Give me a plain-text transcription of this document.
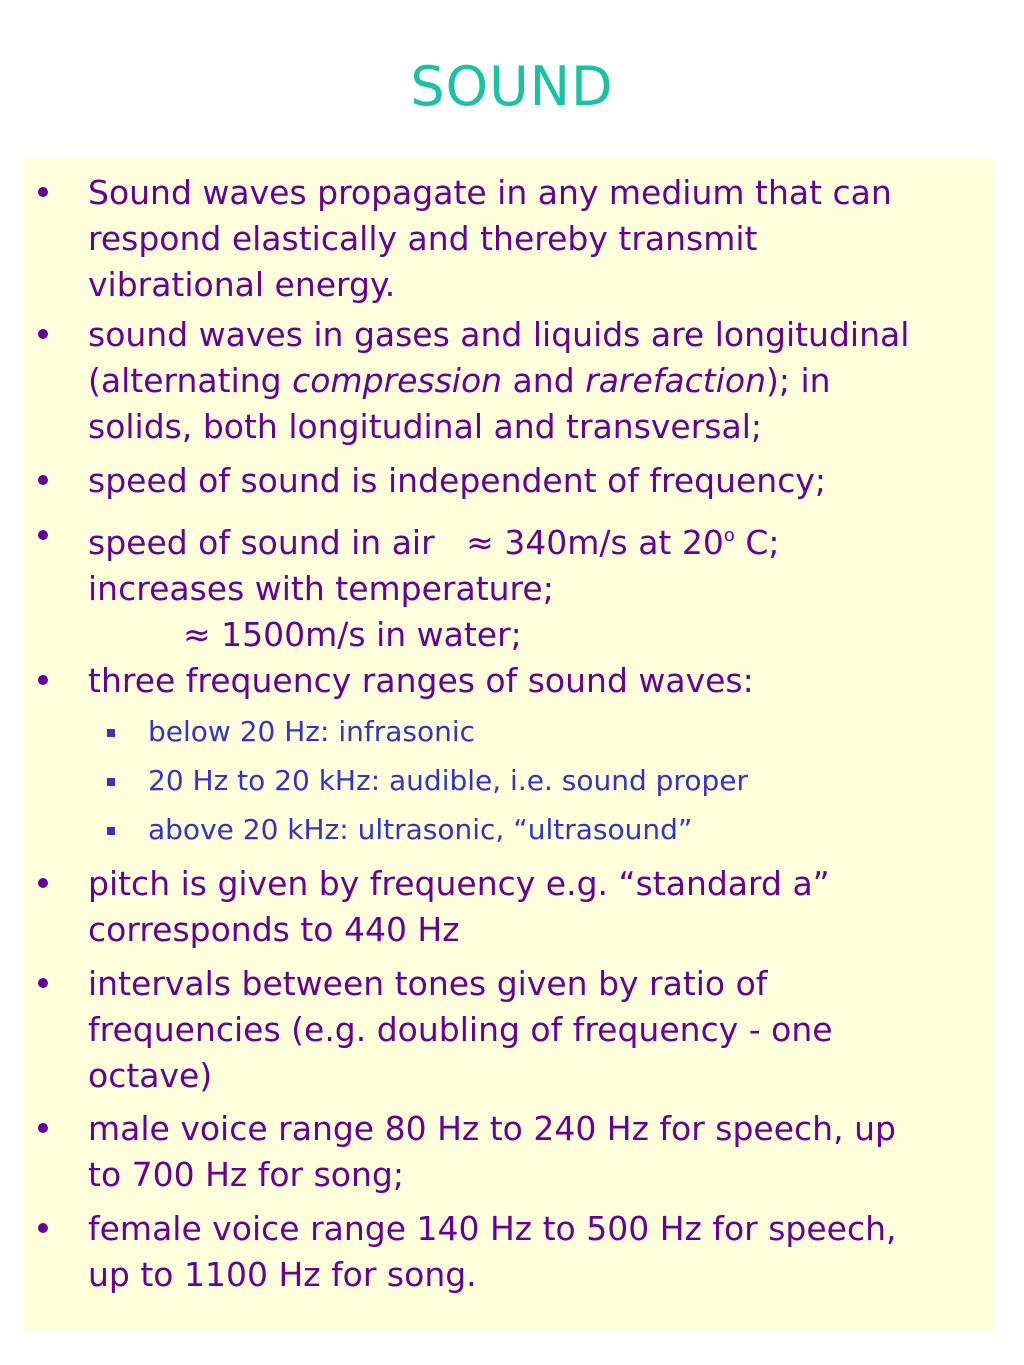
SOUND
Sound waves propagate in any medium that can
respond elastically and thereby transmit
vibrational energy.
sound waves in gases and liquids are longitudinal
(alternating compression and rarefaction); in
solids, both longitudinal and transversal;
speed of sound is independent of frequency;
speed of sound in air   ≈ 340m/s at 20$^o$ C;
increases with temperature;
≈ 1500m/s in water;
three frequency ranges of sound waves:
below 20 Hz: infrasonic
20 Hz to 20 kHz: audible, i.e. sound proper
above 20 kHz: ultrasonic, “ultrasound”
pitch is given by frequency e.g. “standard a”
corresponds to 440 Hz
intervals between tones given by ratio of
frequencies (e.g. doubling of frequency - one
octave)
male voice range 80 Hz to 240 Hz for speech, up
to 700 Hz for song;
female voice range 140 Hz to 500 Hz for speech,
up to 1100 Hz for song.
